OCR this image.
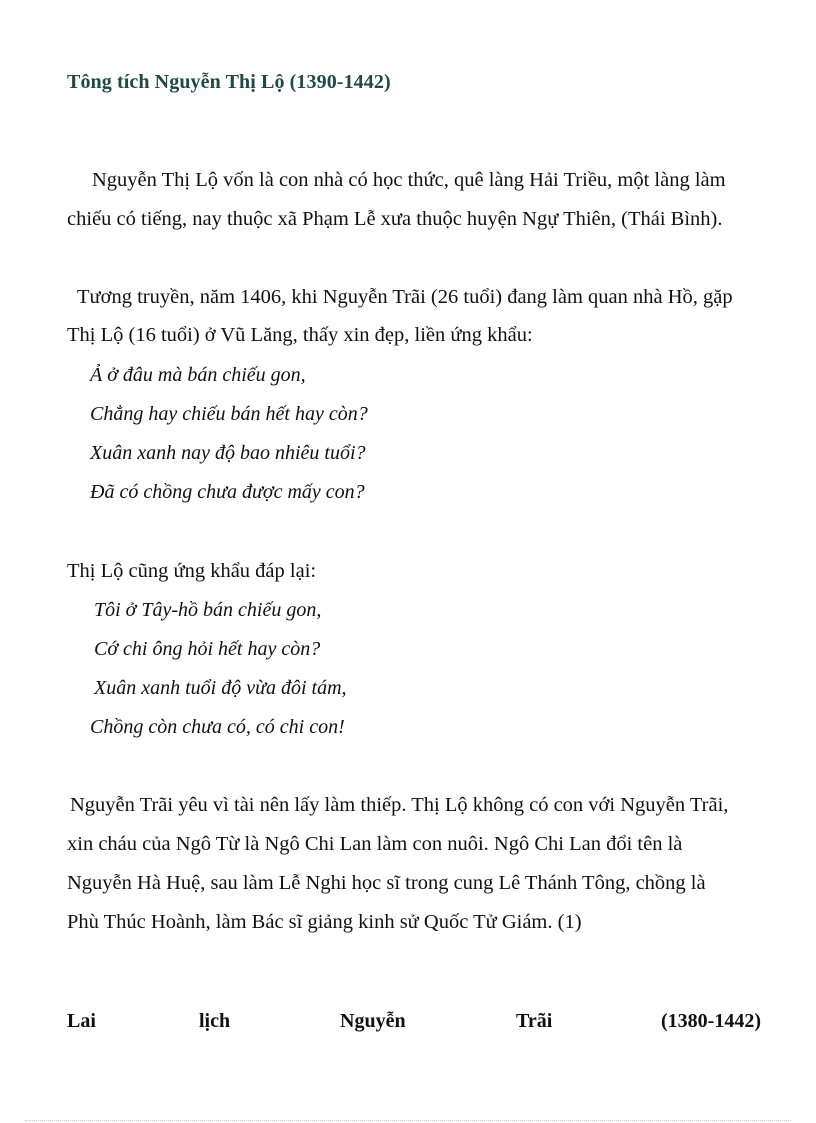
Tông tích Nguyễn Thị Lộ (1390-1442)
Nguyễn Thị Lộ vốn là con nhà có học thức, quê làng Hải Triều, một làng làm
chiếu có tiếng, nay thuộc xã Phạm Lễ xưa thuộc huyện Ngự Thiên, (Thái Bình).
Tương truyền, năm 1406, khi Nguyễn Trãi (26 tuổi) đang làm quan nhà Hồ, gặp
Thị Lộ (16 tuổi) ở Vũ Lăng, thấy xin đẹp, liền ứng khẩu:
Ả ở đâu mà bán chiếu gon,
Chẳng hay chiếu bán hết hay còn?
Xuân xanh nay độ bao nhiêu tuổi?
Đã có chồng chưa được mấy con?
Thị Lộ cũng ứng khẩu đáp lại:
Tôi ở Tây-hồ bán chiếu gon,
Cớ chi ông hỏi hết hay còn?
Xuân xanh tuổi độ vừa đôi tám,
Chồng còn chưa có, có chi con!
Nguyễn Trãi yêu vì tài nên lấy làm thiếp. Thị Lộ không có con với Nguyễn Trãi,
xin cháu của Ngô Từ là Ngô Chi Lan làm con nuôi. Ngô Chi Lan đổi tên là
Nguyễn Hà Huệ, sau làm Lễ Nghi học sĩ trong cung Lê Thánh Tông, chồng là
Phù Thúc Hoành, làm Bác sĩ giảng kinh sử Quốc Tử Giám. (1)
Lai	lịch	Nguyễn	Trãi	(1380-1442)
